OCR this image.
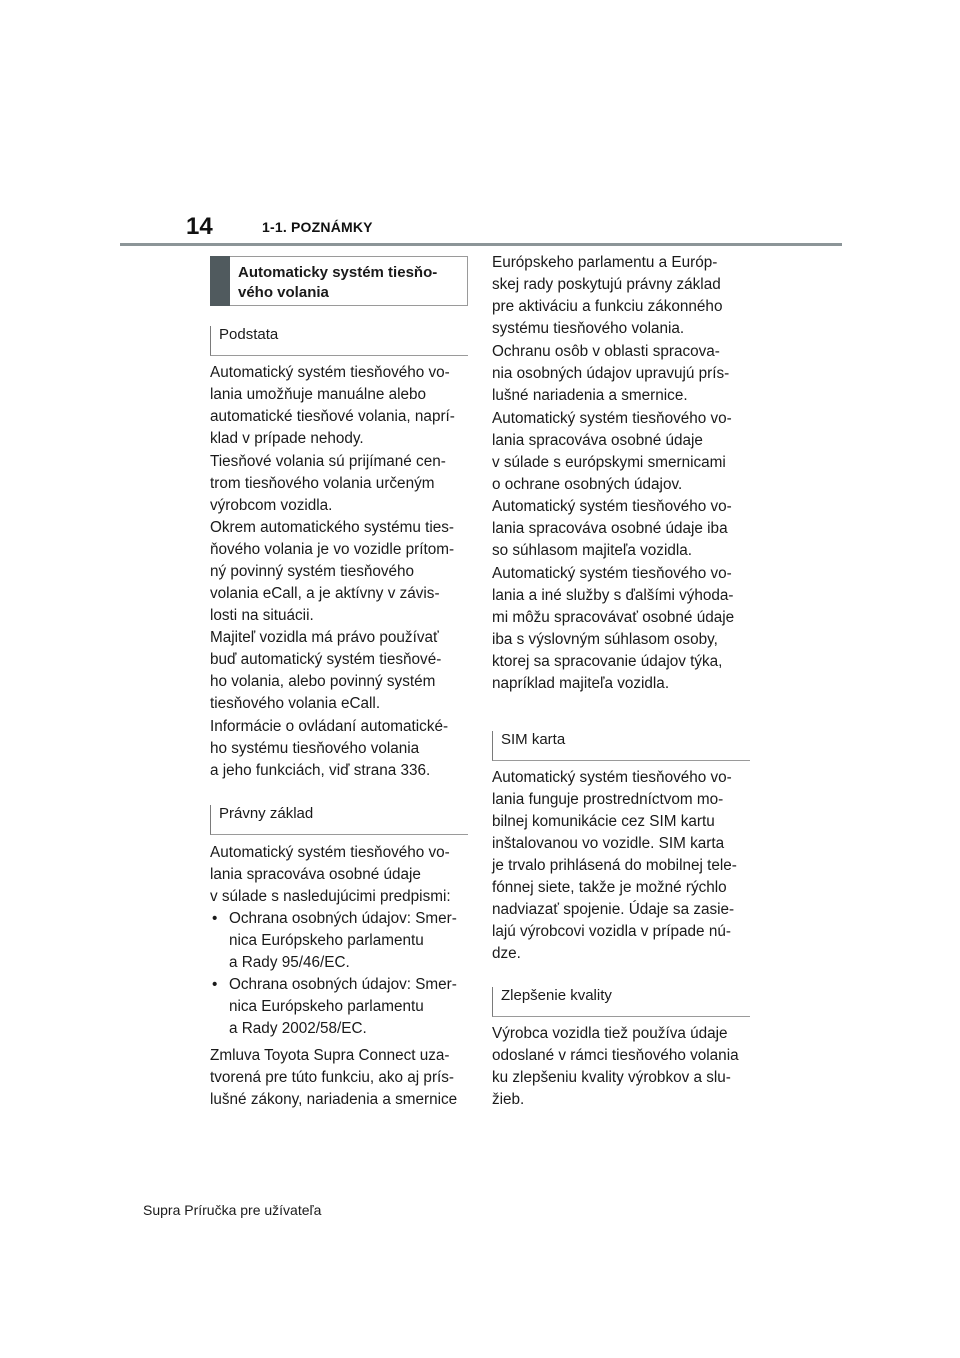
14	1-1. POZNÁMKY
Automaticky systém tiesňo-
vého volania
Podstata
Automatický systém tiesňového vo-
lania umožňuje manuálne alebo
automatické tiesňové volania, naprí-
klad v prípade nehody.
Tiesňové volania sú prijímané cen-
trom tiesňového volania určeným
výrobcom vozidla.
Okrem automatického systému ties-
ňového volania je vo vozidle prítom-
ný povinný systém tiesňového
volania eCall, a je aktívny v závis-
losti na situácii.
Majiteľ vozidla má právo používať
buď automatický systém tiesňové-
ho volania, alebo povinný systém
tiesňového volania eCall.
Informácie o ovládaní automatické-
ho systému tiesňového volania
a jeho funkciách, viď strana 336.
Právny základ
Automatický systém tiesňového vo-
lania spracováva osobné údaje
v súlade s nasledujúcimi predpismi:
• Ochrana osobných údajov: Smer-
nica Európskeho parlamentu
a Rady 95/46/EC.
• Ochrana osobných údajov: Smer-
nica Európskeho parlamentu
a Rady 2002/58/EC.
Zmluva Toyota Supra Connect uza-
tvorená pre túto funkciu, ako aj prís-
lušné zákony, nariadenia a smernice
Európskeho parlamentu a Európ-
skej rady poskytujú právny základ
pre aktiváciu a funkciu zákonného
systému tiesňového volania.
Ochranu osôb v oblasti spracova-
nia osobných údajov upravujú prís-
lušné nariadenia a smernice.
Automatický systém tiesňového vo-
lania spracováva osobné údaje
v súlade s európskymi smernicami
o ochrane osobných údajov.
Automatický systém tiesňového vo-
lania spracováva osobné údaje iba
so súhlasom majiteľa vozidla.
Automatický systém tiesňového vo-
lania a iné služby s ďalšími výhoda-
mi môžu spracovávať osobné údaje
iba s výslovným súhlasom osoby,
ktorej sa spracovanie údajov týka,
napríklad majiteľa vozidla.
SIM karta
Automatický systém tiesňového vo-
lania funguje prostredníctvom mo-
bilnej komunikácie cez SIM kartu
inštalovanou vo vozidle. SIM karta
je trvalo prihlásená do mobilnej tele-
fónnej siete, takže je možné rýchlo
nadviazať spojenie. Údaje sa zasie-
lajú výrobcovi vozidla v prípade nú-
dze.
Zlepšenie kvality
Výrobca vozidla tiež používa údaje
odoslané v rámci tiesňového volania
ku zlepšeniu kvality výrobkov a slu-
žieb.
Supra Príručka pre užívateľa
